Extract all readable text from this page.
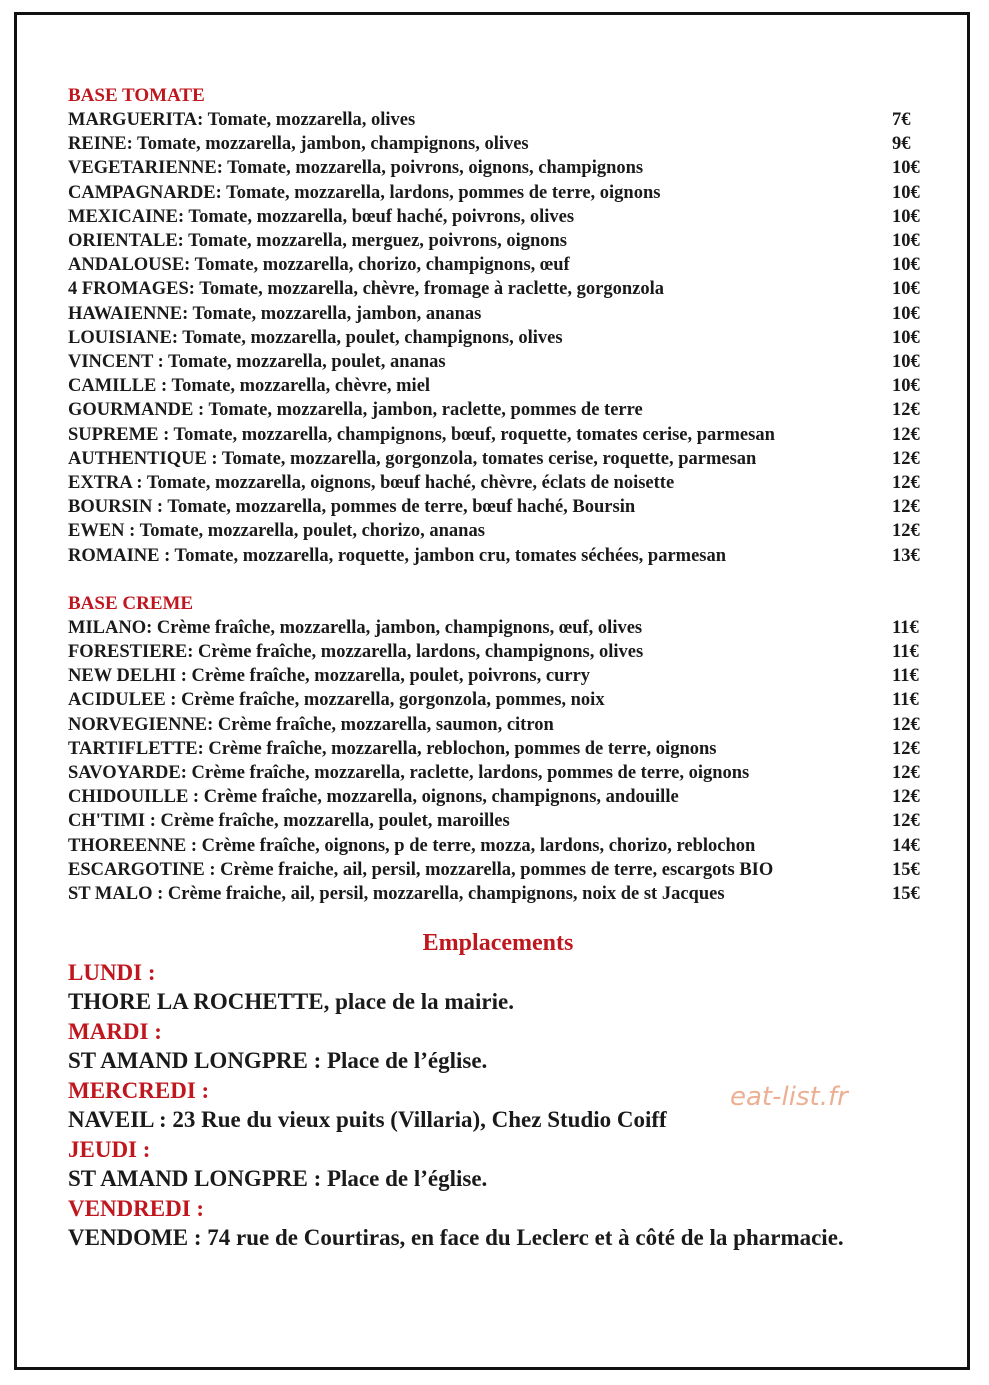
BASE TOMATE
MARGUERITA: Tomate, mozzarella, olives	7€
REINE: Tomate, mozzarella, jambon, champignons, olives	9€
VEGETARIENNE: Tomate, mozzarella, poivrons, oignons, champignons	10€
CAMPAGNARDE: Tomate, mozzarella, lardons, pommes de terre, oignons	10€
MEXICAINE: Tomate, mozzarella, bœuf haché, poivrons, olives	10€
ORIENTALE: Tomate, mozzarella, merguez, poivrons, oignons	10€
ANDALOUSE: Tomate, mozzarella, chorizo, champignons, œuf	10€
4 FROMAGES: Tomate, mozzarella, chèvre, fromage à raclette, gorgonzola	10€
HAWAIENNE: Tomate, mozzarella, jambon, ananas	10€
LOUISIANE: Tomate, mozzarella, poulet, champignons, olives	10€
VINCENT : Tomate, mozzarella, poulet, ananas	10€
CAMILLE : Tomate, mozzarella, chèvre, miel	10€
GOURMANDE : Tomate, mozzarella, jambon, raclette, pommes de terre	12€
SUPREME : Tomate, mozzarella, champignons, bœuf, roquette, tomates cerise, parmesan	12€
AUTHENTIQUE : Tomate, mozzarella, gorgonzola, tomates cerise, roquette, parmesan	12€
EXTRA : Tomate, mozzarella, oignons, bœuf haché, chèvre, éclats de noisette	12€
BOURSIN : Tomate, mozzarella, pommes de terre, bœuf haché, Boursin	12€
EWEN : Tomate, mozzarella, poulet, chorizo, ananas	12€
ROMAINE : Tomate, mozzarella, roquette, jambon cru, tomates séchées, parmesan	13€
BASE CREME
MILANO: Crème fraîche, mozzarella, jambon, champignons, œuf, olives	11€
FORESTIERE: Crème fraîche, mozzarella, lardons, champignons, olives	11€
NEW DELHI : Crème fraîche, mozzarella, poulet, poivrons, curry	11€
ACIDULEE : Crème fraîche, mozzarella, gorgonzola, pommes, noix	11€
NORVEGIENNE: Crème fraîche, mozzarella, saumon, citron	12€
TARTIFLETTE: Crème fraîche, mozzarella, reblochon, pommes de terre, oignons	12€
SAVOYARDE: Crème fraîche, mozzarella, raclette, lardons, pommes de terre, oignons	12€
CHIDOUILLE : Crème fraîche, mozzarella, oignons, champignons, andouille	12€
CH'TIMI : Crème fraîche, mozzarella, poulet, maroilles	12€
THOREENNE : Crème fraîche, oignons, p de terre, mozza, lardons, chorizo, reblochon	14€
ESCARGOTINE : Crème fraiche, ail, persil, mozzarella, pommes de terre, escargots BIO	15€
ST MALO : Crème fraiche, ail, persil, mozzarella, champignons, noix de st Jacques	15€
Emplacements
LUNDI :
THORE LA ROCHETTE, place de la mairie.
MARDI :
ST AMAND LONGPRE : Place de l’église.
MERCREDI :
NAVEIL : 23 Rue du vieux puits (Villaria), Chez Studio Coiff
JEUDI :
ST AMAND LONGPRE : Place de l’église.
VENDREDI :
VENDOME : 74 rue de Courtiras, en face du Leclerc et à côté de la pharmacie.
eat-list.fr
